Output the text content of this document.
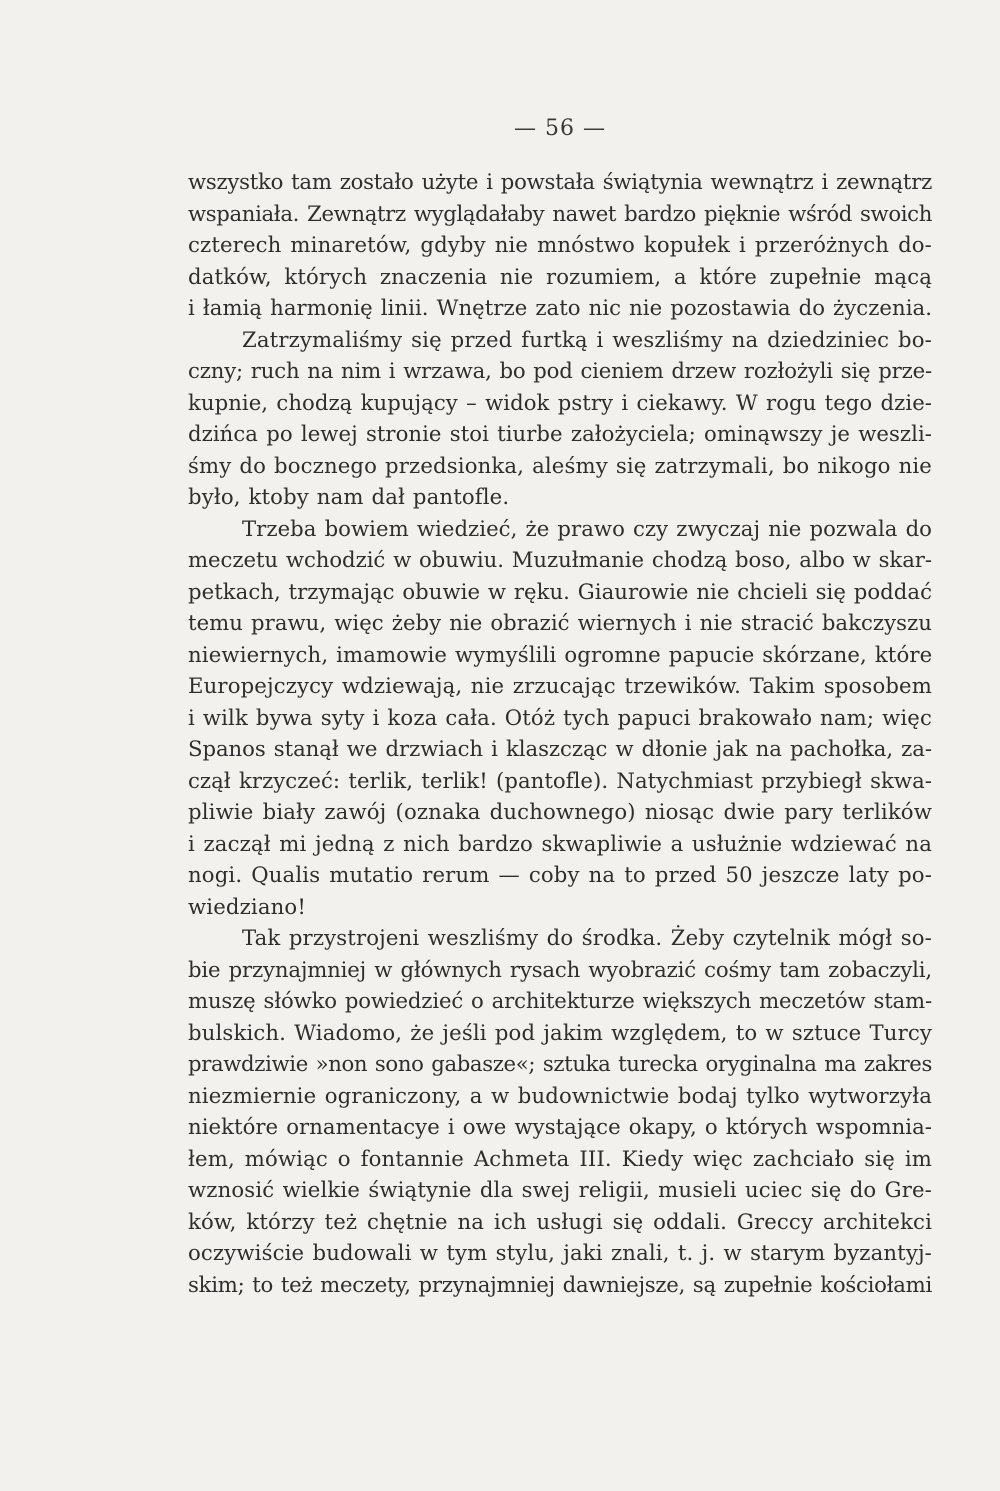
— 56 —
wszystko tam zostało użyte i powstała świątynia wewnątrz i zewnątrz
wspaniała. Zewnątrz wyglądałaby nawet bardzo pięknie wśród swoich
czterech minaretów, gdyby nie mnóstwo kopułek i przeróżnych do-
datków, których znaczenia nie rozumiem, a które zupełnie mącą
i łamią harmonię linii. Wnętrze zato nic nie pozostawia do życzenia.
Zatrzymaliśmy się przed furtką i weszliśmy na dziedziniec bo-
czny; ruch na nim i wrzawa, bo pod cieniem drzew rozłożyli się prze-
kupnie, chodzą kupujący – widok pstry i ciekawy. W rogu tego dzie-
dzińca po lewej stronie stoi tiurbe założyciela; ominąwszy je weszli-
śmy do bocznego przedsionka, aleśmy się zatrzymali, bo nikogo nie
było, ktoby nam dał pantofle.
Trzeba bowiem wiedzieć, że prawo czy zwyczaj nie pozwala do
meczetu wchodzić w obuwiu. Muzułmanie chodzą boso, albo w skar-
petkach, trzymając obuwie w ręku. Giaurowie nie chcieli się poddać
temu prawu, więc żeby nie obrazić wiernych i nie stracić bakczyszu
niewiernych, imamowie wymyślili ogromne papucie skórzane, które
Europejczycy wdziewają, nie zrzucając trzewików. Takim sposobem
i wilk bywa syty i koza cała. Otóż tych papuci brakowało nam; więc
Spanos stanął we drzwiach i klaszcząc w dłonie jak na pachołka, za-
czął krzyczeć: terlik, terlik! (pantofle). Natychmiast przybiegł skwa-
pliwie biały zawój (oznaka duchownego) niosąc dwie pary terlików
i zaczął mi jedną z nich bardzo skwapliwie a usłużnie wdziewać na
nogi. Qualis mutatio rerum — coby na to przed 50 jeszcze laty po-
wiedziano!
Tak przystrojeni weszliśmy do środka. Żeby czytelnik mógł so-
bie przynajmniej w głównych rysach wyobrazić cośmy tam zobaczyli,
muszę słówko powiedzieć o architekturze większych meczetów stam-
bulskich. Wiadomo, że jeśli pod jakim względem, to w sztuce Turcy
prawdziwie »non sono gabasze«; sztuka turecka oryginalna ma zakres
niezmiernie ograniczony, a w budownictwie bodaj tylko wytworzyła
niektóre ornamentacye i owe wystające okapy, o których wspomnia-
łem, mówiąc o fontannie Achmeta III. Kiedy więc zachciało się im
wznosić wielkie świątynie dla swej religii, musieli uciec się do Gre-
ków, którzy też chętnie na ich usługi się oddali. Greccy architekci
oczywiście budowali w tym stylu, jaki znali, t. j. w starym byzantyj-
skim; to też meczety, przynajmniej dawniejsze, są zupełnie kościołami
